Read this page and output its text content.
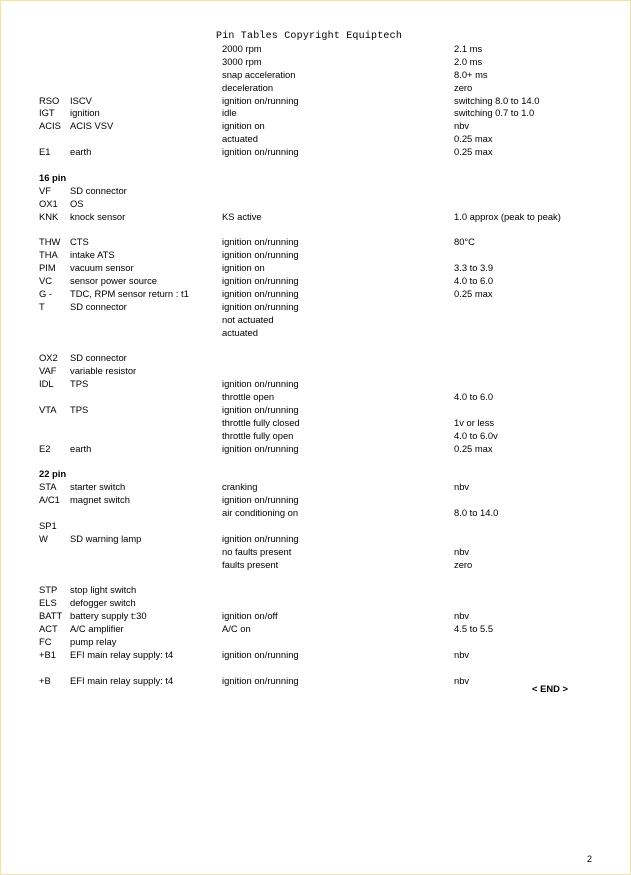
Pin Tables Copyright Equiptech
2000 rpm	2.1 ms
3000 rpm	2.0 ms
snap acceleration	8.0+ ms
deceleration	zero
RSO ISCV	ignition on/running	switching 8.0 to 14.0
IGT ignition	idle	switching 0.7 to 1.0
ACIS ACIS VSV	ignition on	nbv
actuated	0.25 max
E1 earth	ignition on/running	0.25 max
16 pin
VF SD connector
OX1 OS
KNK knock sensor	KS active	1.0 approx (peak to peak)
THW CTS	ignition on/running	80°C
THA intake ATS	ignition on/running
PIM vacuum sensor	ignition on	3.3 to 3.9
VC sensor power source	ignition on/running	4.0 to 6.0
G - TDC, RPM sensor return : t1	ignition on/running	0.25 max
T	SD connector	ignition on/running
not actuated
actuated
OX2 SD connector
VAF variable resistor
IDL TPS	ignition on/running
throttle open	4.0 to 6.0
VTA TPS	ignition on/running
throttle fully closed	1v or less
throttle fully open	4.0 to 6.0v
E2 earth	ignition on/running	0.25 max
22 pin
STA starter switch	cranking	nbv
A/C1 magnet switch	ignition on/running
air conditioning on	8.0 to 14.0
SP1
W SD warning lamp	ignition on/running
no faults present	nbv
faults present	zero
STP stop light switch
ELS defogger switch
BATT battery supply t:30	ignition on/off	nbv
ACT A/C amplifier	A/C on	4.5 to 5.5
FC pump relay
+B1 EFI main relay supply: t4	ignition on/running	nbv
+B EFI main relay supply: t4	ignition on/running	nbv
< END >
2
